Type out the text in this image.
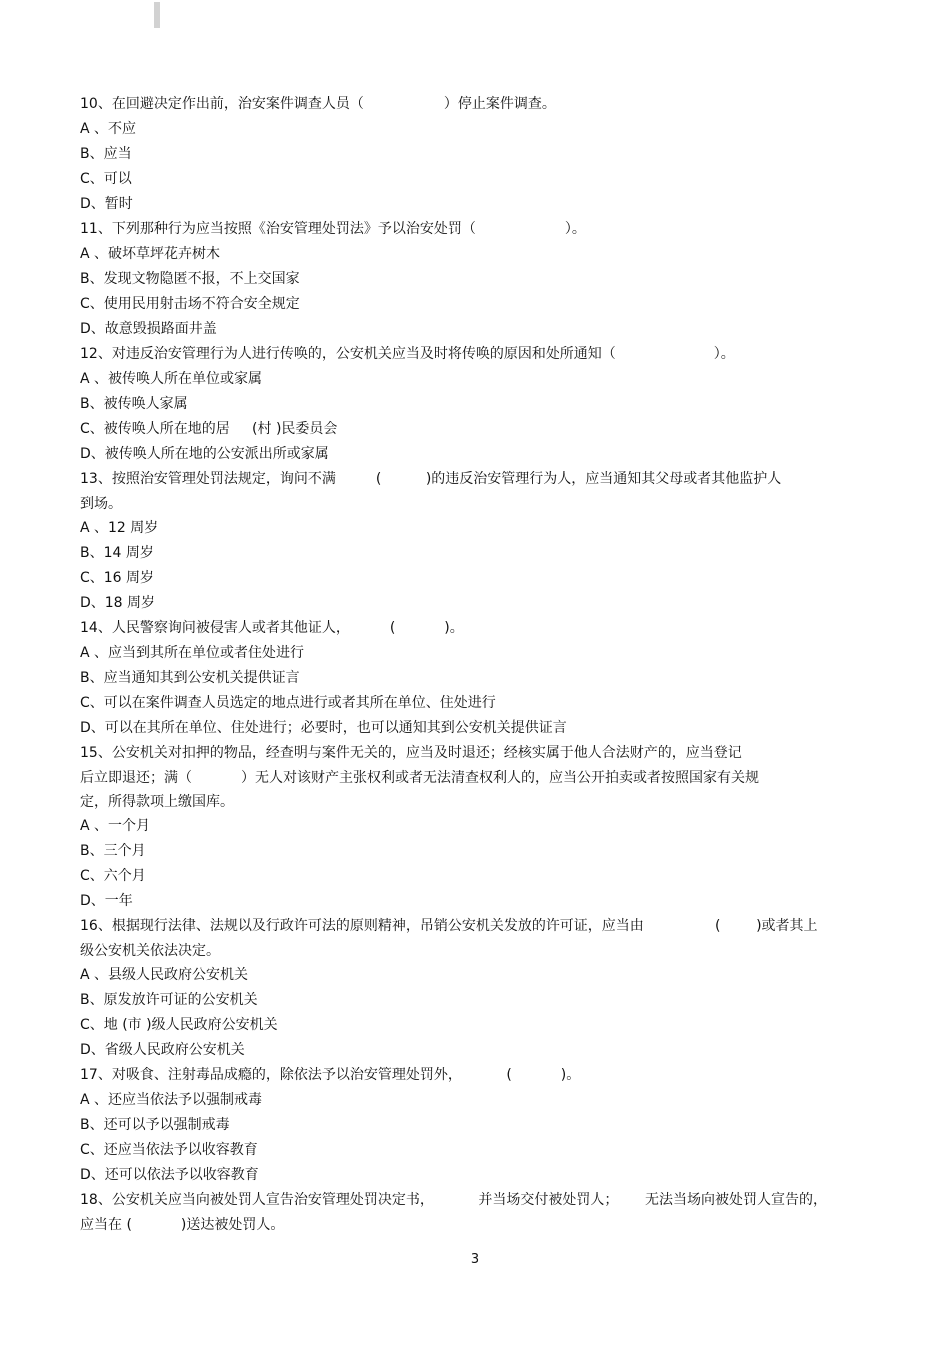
10、在回避决定作出前，治安案件调查人员（                  ）停止案件调查。
A 、不应
B、应当
C、可以
D、暂时
11、下列那种行为应当按照《治安管理处罚法》予以治安处罚（                    ）。
A 、破坏草坪花卉树木
B、发现文物隐匿不报，不上交国家
C、使用民用射击场不符合安全规定
D、故意毁损路面井盖
12、对违反治安管理行为人进行传唤的，公安机关应当及时将传唤的原因和处所通知（                      ）。
A 、被传唤人所在单位或家属
B、被传唤人家属
C、被传唤人所在地的居     (村 )民委员会
D、被传唤人所在地的公安派出所或家属
13、按照治安管理处罚法规定，询问不满         (          )的违反治安管理行为人，应当通知其父母或者其他监护人
到场。
A 、12 周岁
B、14 周岁
C、16 周岁
D、18 周岁
14、人民警察询问被侵害人或者其他证人，         (           )。
A 、应当到其所在单位或者住处进行
B、应当通知其到公安机关提供证言
C、可以在案件调查人员选定的地点进行或者其所在单位、住处进行
D、可以在其所在单位、住处进行；必要时，也可以通知其到公安机关提供证言
15、公安机关对扣押的物品，经查明与案件无关的，应当及时退还；经核实属于他人合法财产的，应当登记
后立即退还；满（           ）无人对该财产主张权利或者无法清查权利人的，应当公开拍卖或者按照国家有关规
定，所得款项上缴国库。
A 、一个月
B、三个月
C、六个月
D、一年
16、根据现行法律、法规以及行政许可法的原则精神，吊销公安机关发放的许可证，应当由                (        )或者其上
级公安机关依法决定。
A 、县级人民政府公安机关
B、原发放许可证的公安机关
C、地 (市 )级人民政府公安机关
D、省级人民政府公安机关
17、对吸食、注射毒品成瘾的，除依法予以治安管理处罚外，          (           )。
A 、还应当依法予以强制戒毒
B、还可以予以强制戒毒
C、还应当依法予以收容教育
D、还可以依法予以收容教育
18、公安机关应当向被处罚人宣告治安管理处罚决定书，          并当场交付被处罚人；      无法当场向被处罚人宣告的，
应当在 (           )送达被处罚人。
3
